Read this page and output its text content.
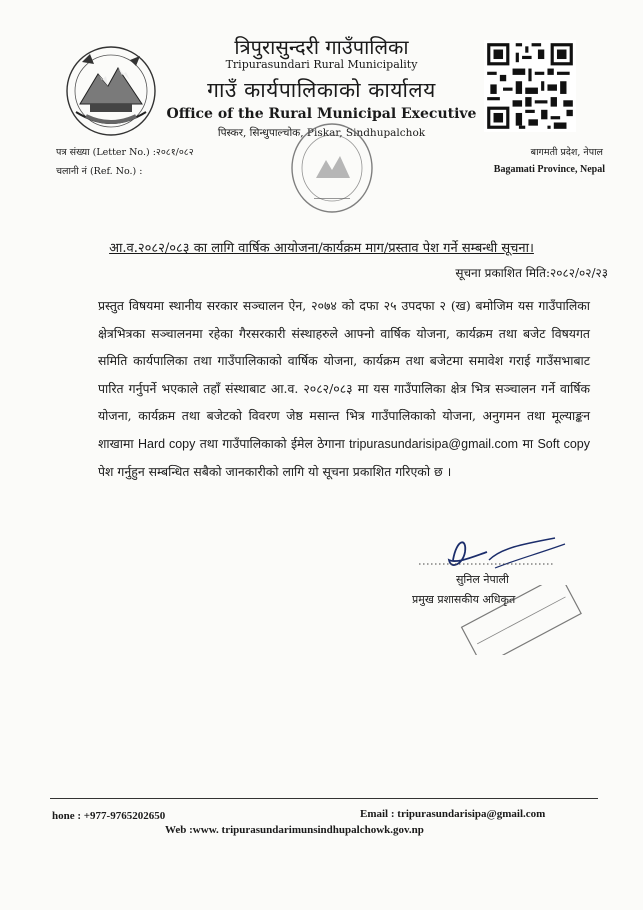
त्रिपुरासुन्दरी गाउँपालिका
Tripurasundari Rural Municipality
गाउँ कार्यपालिकाको कार्यालय
Office of the Rural Municipal Executive
पिस्कर, सिन्धुपाल्चोक, Piskar, Sindhupalchok
पत्र संख्या (Letter No.) :२०८१/०८२
चलानी नं (Ref. No.) :
बागमती प्रदेश, नेपाल
Bagamati Province, Nepal
आ.व.२०८२/०८३ का लागि वार्षिक आयोजना/कार्यक्रम माग/प्रस्ताव पेश गर्ने सम्बन्धी सूचना।
सूचना प्रकाशित मिति:२०८२/०२/२३
प्रस्तुत विषयमा स्थानीय सरकार सञ्चालन ऐन, २०७४ को दफा २५ उपदफा २ (ख) बमोजिम यस गाउँपालिका क्षेत्रभित्रका सञ्चालनमा रहेका गैरसरकारी संस्थाहरुले आफ्नो वार्षिक योजना, कार्यक्रम तथा बजेट विषयगत समिति कार्यपालिका तथा गाउँपालिकाको वार्षिक योजना, कार्यक्रम तथा बजेटमा समावेश गराई गाउँसभाबाट पारित गर्नुपर्ने भएकाले तहाँ संस्थाबाट आ.व. २०८२/०८३ मा यस गाउँपालिका क्षेत्र भित्र सञ्चालन गर्ने वार्षिक योजना, कार्यक्रम तथा बजेटको विवरण जेष्ठ मसान्त भित्र गाउँपालिकाको योजना, अनुगमन तथा मूल्याङ्कन शाखामा Hard copy तथा गाउँपालिकाको ईमेल ठेगाना tripurasundarisipa@gmail.com मा Soft copy पेश गर्नुहुन सम्बन्धित सबैको जानकारीको लागि यो सूचना प्रकाशित गरिएको छ ।
सुनिल नेपाली
प्रमुख प्रशासकीय अधिकृत
hone : +977-9765202650	Email : tripurasundarisipa@gmail.com
Web :www. tripurasundarimunsindhupalchowk.gov.np
